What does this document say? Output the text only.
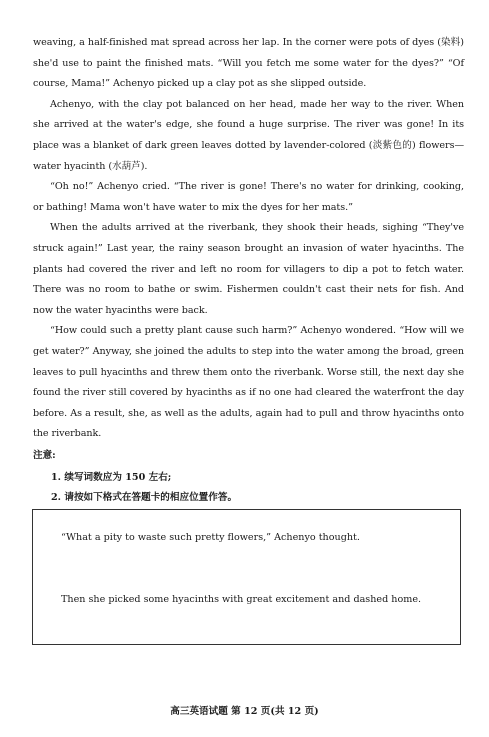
weaving, a half-finished mat spread across her lap. In the corner were pots of dyes (染料) she'd use to paint the finished mats. “Will you fetch me some water for the dyes?” “Of course, Mama!” Achenyo picked up a clay pot as she slipped outside.

Achenyo, with the clay pot balanced on her head, made her way to the river. When she arrived at the water's edge, she found a huge surprise. The river was gone! In its place was a blanket of dark green leaves dotted by lavender-colored (淡紫色的) flowers—water hyacinth (水葫芦).

“Oh no!” Achenyo cried. “The river is gone! There's no water for drinking, cooking, or bathing! Mama won't have water to mix the dyes for her mats.”

When the adults arrived at the riverbank, they shook their heads, sighing “They've struck again!” Last year, the rainy season brought an invasion of water hyacinths. The plants had covered the river and left no room for villagers to dip a pot to fetch water. There was no room to bathe or swim. Fishermen couldn't cast their nets for fish. And now the water hyacinths were back.

“How could such a pretty plant cause such harm?” Achenyo wondered. “How will we get water?” Anyway, she joined the adults to step into the water among the broad, green leaves to pull hyacinths and threw them onto the riverbank. Worse still, the next day she found the river still covered by hyacinths as if no one had cleared the waterfront the day before. As a result, she, as well as the adults, again had to pull and throw hyacinths onto the riverbank.

注意:

1. 续写词数应为 150 左右;

2. 请按如下格式在答题卡的相应位置作答。

“What a pity to waste such pretty flowers,” Achenyo thought.

Then she picked some hyacinths with great excitement and dashed home.

高三英语试题 第 12 页(共 12 页)
